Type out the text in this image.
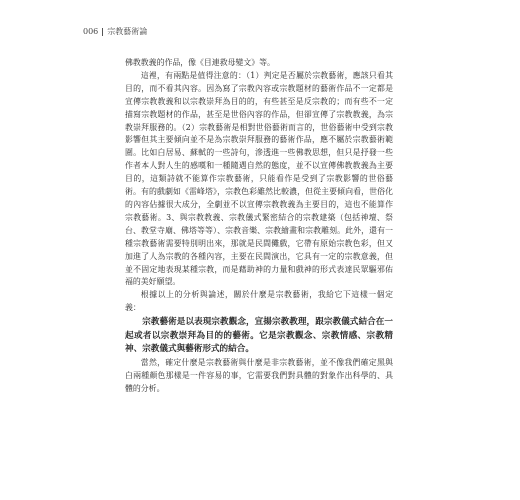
006 宗教藝術論

佛教教義的作品，像《目連救母變文》等。

這裡，有兩點是值得注意的：（1）判定是否屬於宗教藝術，應該只看其目的，而不看其內容。因為寫了宗教內容或宗教題材的藝術作品不一定都是宣傳宗教教義和以宗教崇拜為目的的，有些甚至是反宗教的；而有些不一定描寫宗教題材的作品，甚至是世俗內容的作品，但卻宣傳了宗教教義，為宗教崇拜服務的。（2）宗教藝術是相對世俗藝術而言的，世俗藝術中受到宗教影響但其主要傾向並不是為宗教崇拜服務的藝術作品，應不屬於宗教藝術範圍。比如白居易、蘇軾的一些詩句，滲透進一些佛教思想，但只是抒發一些作者本人對人生的感嘆和一種隨遇自然的態度，並不以宣傳佛教教義為主要目的，這類詩就不能算作宗教藝術，只能看作是受到了宗教影響的世俗藝術。有的戲劇如《雷峰塔》，宗教色彩雖然比較濃，但從主要傾向看，世俗化的內容佔據很大成分，全劇並不以宣傳宗教教義為主要目的，這也不能算作宗教藝術。3、與宗教教義、宗教儀式緊密結合的宗教建築（包括神壇、祭台、教堂寺廟、佛塔等等）、宗教音樂、宗教繪畫和宗教雕刻。此外，還有一種宗教藝術需要特別明出來，那就是民間儺戲，它帶有原始宗教色彩，但又加進了人為宗教的各種內容，主要在民間演出，它具有一定的宗教意義，但並不固定地表現某種宗教，而是藉助神的力量和戲神的形式表達民眾驅邪佑福的美好願望。

根據以上的分析與論述，關於什麼是宗教藝術，我給它下這樣一個定義：

宗教藝術是以表現宗教觀念，宣揚宗教教理，跟宗教儀式結合在一起或者以宗教崇拜為目的的藝術。它是宗教觀念、宗教情感、宗教精神、宗教儀式與藝術形式的結合。

當然，確定什麼是宗教藝術與什麼是非宗教藝術，並不像我們確定黑與白兩種顏色那樣是一件容易的事，它需要我們對具體的對象作出科學的、具體的分析。
